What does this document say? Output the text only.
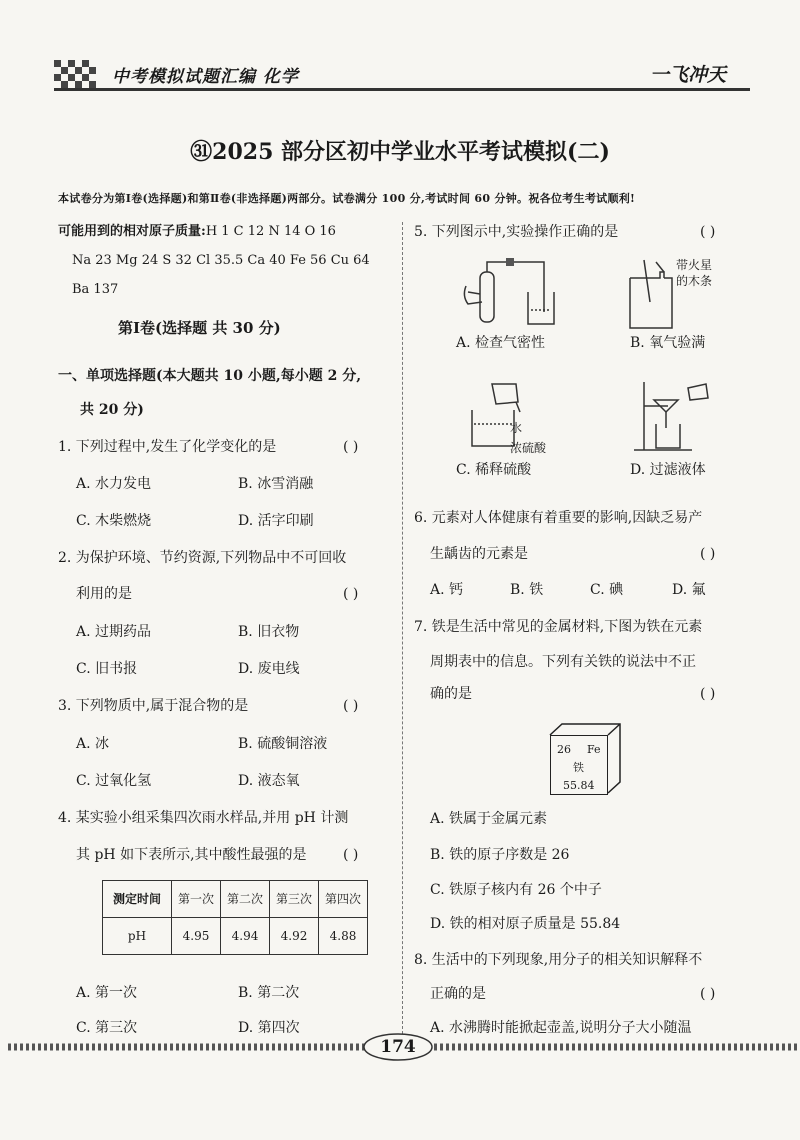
中考模拟试题汇编 化学	一飞冲天
㉛2025 部分区初中学业水平考试模拟(二)
本试卷分为第Ⅰ卷(选择题)和第Ⅱ卷(非选择题)两部分。试卷满分 100 分,考试时间 60 分钟。祝各位考生考试顺利!
可能用到的相对原子质量:H 1 C 12 N 14 O 16
Na 23 Mg 24 S 32 Cl 35.5 Ca 40 Fe 56 Cu 64
Ba 137
第Ⅰ卷(选择题 共 30 分)
一、单项选择题(本大题共 10 小题,每小题 2 分,
共 20 分)
1. 下列过程中,发生了化学变化的是	( )
A. 水力发电	B. 冰雪消融
C. 木柴燃烧	D. 活字印刷
2. 为保护环境、节约资源,下列物品中不可回收
利用的是	( )
A. 过期药品	B. 旧衣物
C. 旧书报	D. 废电线
3. 下列物质中,属于混合物的是	( )
A. 冰	B. 硫酸铜溶液
C. 过氧化氢	D. 液态氧
4. 某实验小组采集四次雨水样品,并用 pH 计测
其 pH 如下表所示,其中酸性最强的是	( )
测定时间	第一次	第二次	第三次	第四次
pH	4.95	4.94	4.92	4.88
A. 第一次	B. 第二次
C. 第三次	D. 第四次
5. 下列图示中,实验操作正确的是	( )
A. 检查气密性
带火星
的木条
B. 氧气验满
水
浓硫酸
C. 稀释硫酸	D. 过滤液体
6. 元素对人体健康有着重要的影响,因缺乏易产
生龋齿的元素是	( )
A. 钙	B. 铁	C. 碘	D. 氟
7. 铁是生活中常见的金属材料,下图为铁在元素
周期表中的信息。下列有关铁的说法中不正
确的是	( )
26 Fe
铁
55.84
A. 铁属于金属元素
B. 铁的原子序数是 26
C. 铁原子核内有 26 个中子
D. 铁的相对原子质量是 55.84
8. 生活中的下列现象,用分子的相关知识解释不
正确的是	( )
A. 水沸腾时能掀起壶盖,说明分子大小随温
174
